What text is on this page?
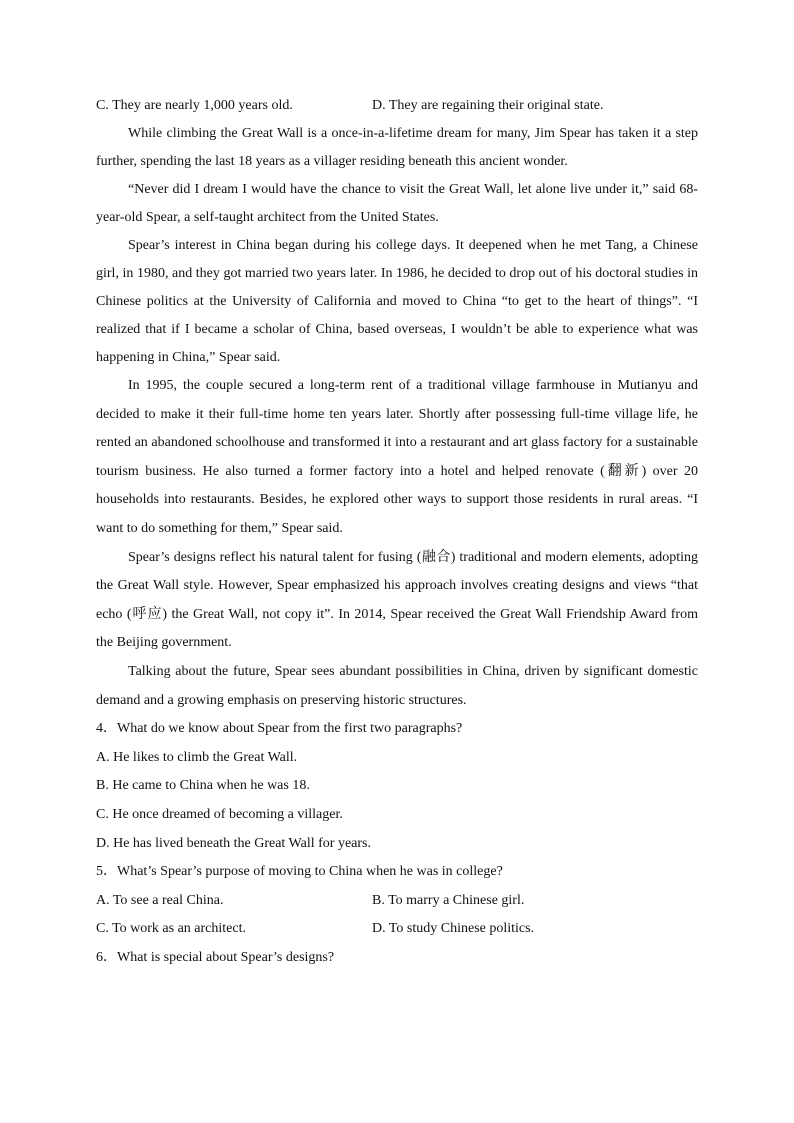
C. They are nearly 1,000 years old.	D. They are regaining their original state.

While climbing the Great Wall is a once-in-a-lifetime dream for many, Jim Spear has taken it a step further, spending the last 18 years as a villager residing beneath this ancient wonder.

“Never did I dream I would have the chance to visit the Great Wall, let alone live under it,” said 68-year-old Spear, a self-taught architect from the United States.

Spear’s interest in China began during his college days. It deepened when he met Tang, a Chinese girl, in 1980, and they got married two years later. In 1986, he decided to drop out of his doctoral studies in Chinese politics at the University of California and moved to China “to get to the heart of things”. “I realized that if I became a scholar of China, based overseas, I wouldn’t be able to experience what was happening in China,” Spear said.

In 1995, the couple secured a long-term rent of a traditional village farmhouse in Mutianyu and decided to make it their full-time home ten years later. Shortly after possessing full-time village life, he rented an abandoned schoolhouse and transformed it into a restaurant and art glass factory for a sustainable tourism business. He also turned a former factory into a hotel and helped renovate (翻新) over 20 households into restaurants. Besides, he explored other ways to support those residents in rural areas. “I want to do something for them,” Spear said.

Spear’s designs reflect his natural talent for fusing (融合) traditional and modern elements, adopting the Great Wall style. However, Spear emphasized his approach involves creating designs and views “that echo (呼应) the Great Wall, not copy it”. In 2014, Spear received the Great Wall Friendship Award from the Beijing government.

Talking about the future, Spear sees abundant possibilities in China, driven by significant domestic demand and a growing emphasis on preserving historic structures.

4．What do we know about Spear from the first two paragraphs?

A. He likes to climb the Great Wall.

B. He came to China when he was 18.

C. He once dreamed of becoming a villager.

D. He has lived beneath the Great Wall for years.

5．What’s Spear’s purpose of moving to China when he was in college?

A. To see a real China.	B. To marry a Chinese girl.
C. To work as an architect.	D. To study Chinese politics.

6．What is special about Spear’s designs?
